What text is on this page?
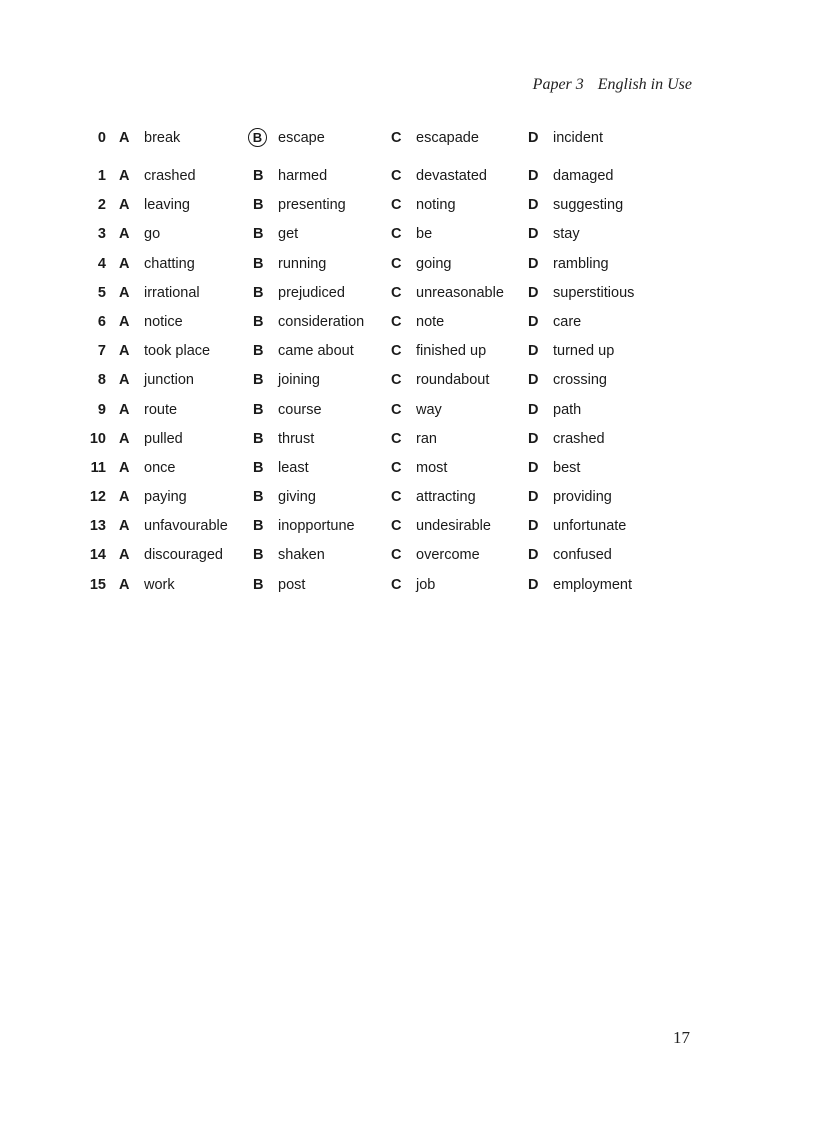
Paper 3 English in Use
0 A break	B	escape	C escapade	D incident
1 A crashed	B harmed	C devastated	D damaged
2 A leaving	B presenting	C noting	D suggesting
3 A go	B get	C be	D stay
4 A chatting	B running	C going	D rambling
5 A irrational	B prejudiced	C unreasonable D superstitious
6 A notice	B consideration C note	D care
7 A took place	B came about	C finished up	D turned up
8 A junction	B joining	C roundabout	D crossing
9 A route	B course	C way	D path
10 A pulled	B thrust	C ran	D crashed
11 A once	B least	C most	D best
12 A paying	B giving	C attracting	D providing
13 A unfavourable B inopportune	C undesirable	D unfortunate
14 A discouraged B shaken	C overcome	D confused
15 A work	B post	C job	D employment
17
